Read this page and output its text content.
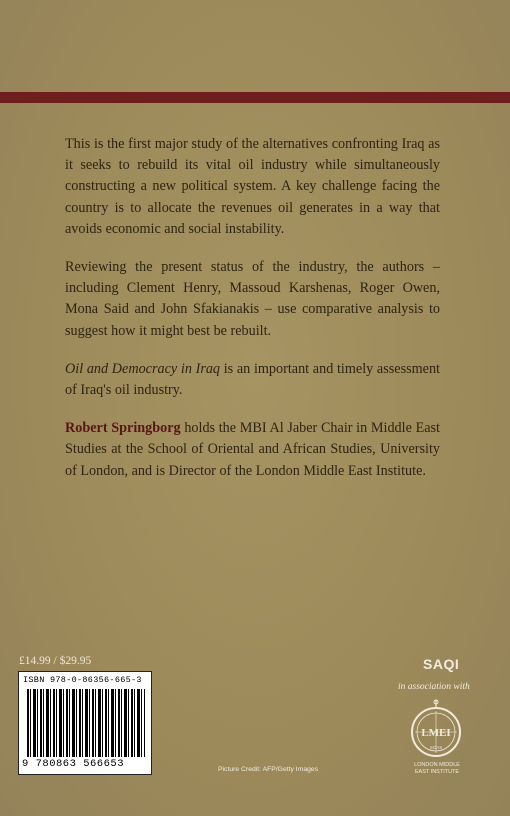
This is the first major study of the alternatives confronting Iraq as it seeks to rebuild its vital oil industry while simultaneously constructing a new political system. A key challenge facing the country is to allocate the revenues oil generates in a way that avoids economic and social instability.

Reviewing the present status of the industry, the authors – including Clement Henry, Massoud Karshenas, Roger Owen, Mona Said and John Sfakianakis – use comparative analysis to suggest how it might best be rebuilt.

Oil and Democracy in Iraq is an important and timely assessment of Iraq's oil industry.

Robert Springborg holds the MBI Al Jaber Chair in Middle East Studies at the School of Oriental and African Studies, University of London, and is Director of the London Middle East Institute.

£14.99 / $29.95
ISBN 978-0-86356-665-3
9 780863 566653
SAQI
in association with
LMEI
SOAS
LONDON MIDDLE EAST INSTITUTE
Picture Credit: AFP/Getty Images
